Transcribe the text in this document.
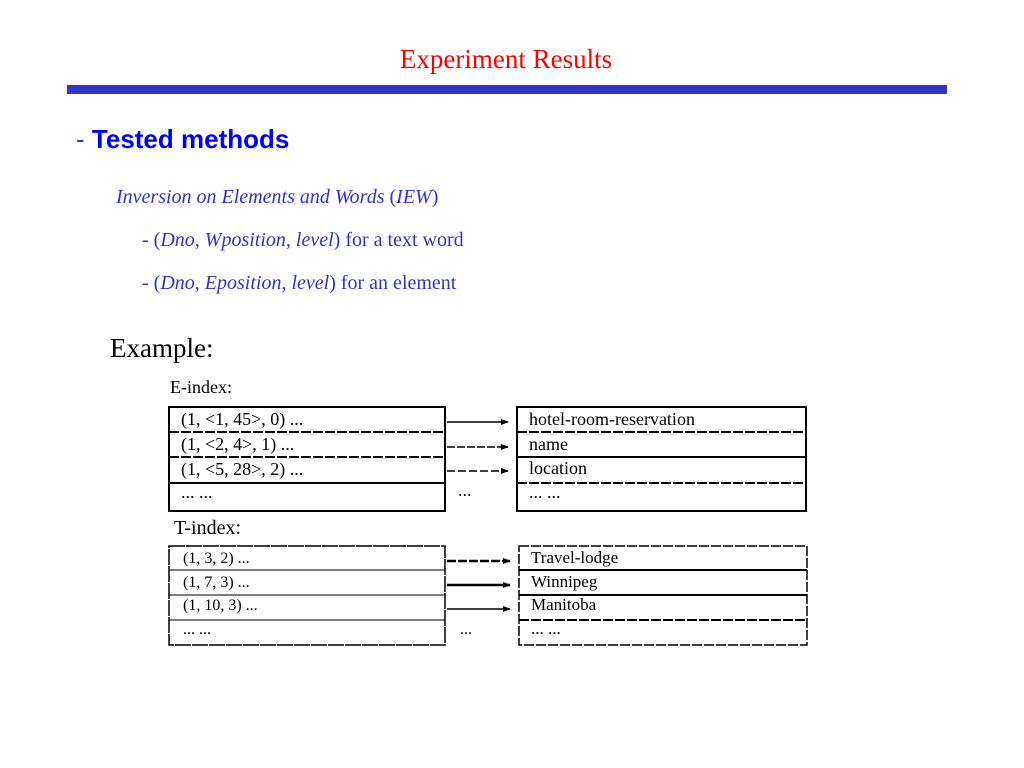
Experiment Results
- Tested methods
Inversion on Elements and Words (IEW)
- (Dno, Wposition, level) for a text word
- (Dno, Eposition, level) for an element
Example:
E-index:
(1, <1, 45>, 0) ...
(1, <2, 4>, 1) ...
(1, <5, 28>, 2) ...
... ...
hotel-room-reservation
name
location
... ...
...
T-index:
(1, 3, 2) ...
(1, 7, 3) ...
(1, 10, 3) ...
... ...
Travel-lodge
Winnipeg
Manitoba
... ...
...
